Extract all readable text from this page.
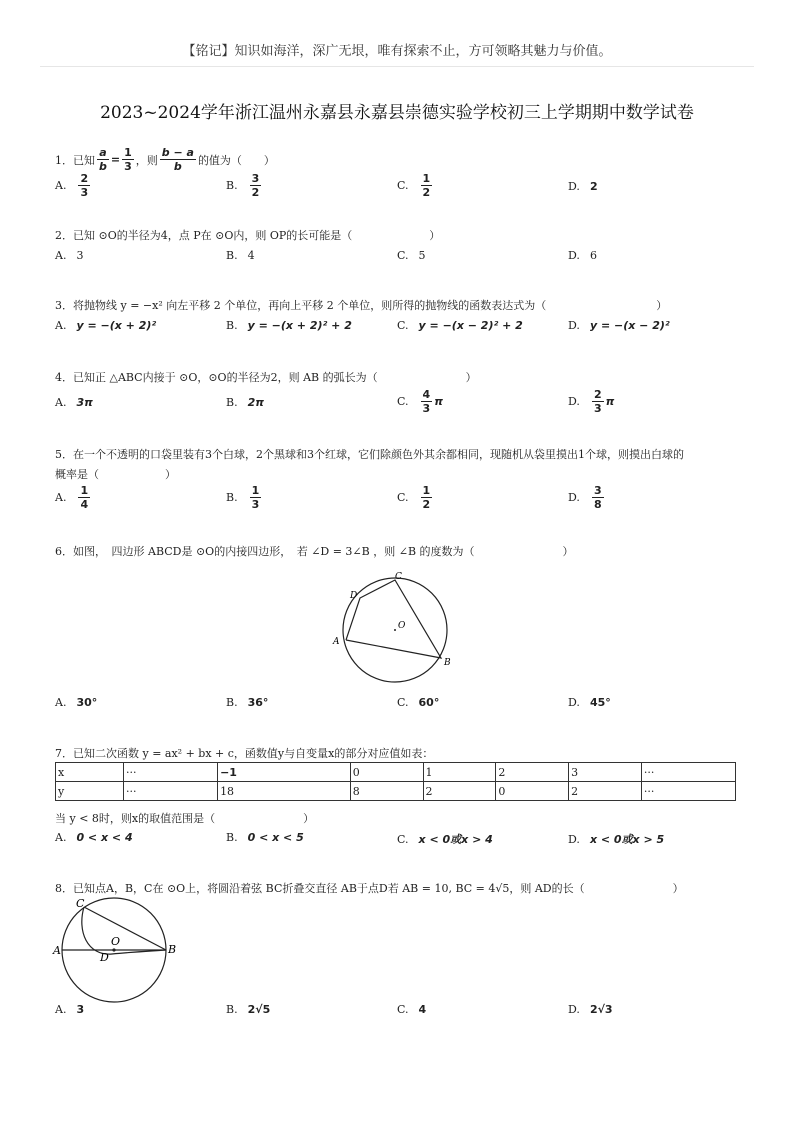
【铭记】知识如海洋，深广无垠，唯有探索不止，方可领略其魅力与价值。
2023~2024学年浙江温州永嘉县永嘉县崇德实验学校初三上学期期中数学试卷
1． 已知 $\frac{a}{b} = \frac{1}{3}$ ，则 $\frac{b - a}{b}$ 的值为（　　）
A. $\frac{2}{3}$	B. $\frac{3}{2}$	C. $\frac{1}{2}$	D. 2
2．已知 ⊙O的半径为4，点 P在 ⊙O内，则 OP的长可能是（　　　　　　　）
A. 3	B. 4	C. 5	D. 6
3．将抛物线 y = −x² 向左平移 2 个单位，再向上平移 2 个单位，则所得的抛物线的函数表达式为（　　　　　　　　　　）
A. y = −(x + 2)²	B. y = −(x + 2)² + 2	C. y = −(x − 2)² + 2	D. y = −(x − 2)²
4．已知正 △ABC内接于 ⊙O，⊙O的半径为2，则 AB 的弧长为（　　　　　　　　）
A. 3π	B. 2π	C. $\frac{4}{3}$ π	D. $\frac{2}{3}$ π
5．在一个不透明的口袋里装有3个白球，2个黑球和3个红球，它们除颜色外其余都相同，现随机从袋里摸出1个球，则摸出白球的
概率是（　　　　　　）
A. $\frac{1}{4}$	B. $\frac{1}{3}$	C. $\frac{1}{2}$	D. $\frac{3}{8}$
6．如图，　四边形 ABCD是 ⊙O的内接四边形，　若 ∠D = 3∠B ，则 ∠B 的度数为（　　　　　　　　）
A
B
C
D
O
A. 30°	B. 36°	C. 60°	D. 45°
7．已知二次函数 y = ax² + bx + c，函数值y与自变量x的部分对应值如表：
x	···	−1	0	1	2	3	···
y	···	18	8	2	0	2	···
当 y < 8时，则x的取值范围是（　　　　　　　　）
A. 0 < x < 4	B. 0 < x < 5	C. x < 0或x > 4	D. x < 0或x > 5
8．已知点A，B，C在 ⊙O上，将圆沿着弦 BC折叠交直径 AB于点D若 AB = 10, BC = 4√5，则 AD的长（　　　　　　　　）
A	B
C
D
O
A. 3	B. 2√5	C. 4	D. 2√3
